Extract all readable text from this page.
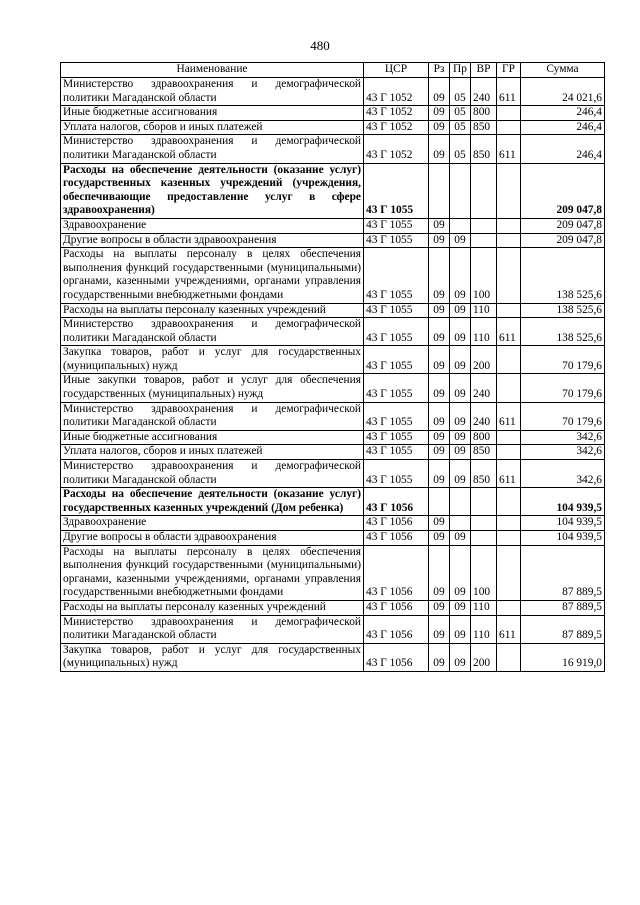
480
Наименование	ЦСР	Рз	Пр	ВР	ГР	Сумма
Министерство здравоохранения и демографической политики Магаданской области	43 Г 1052	09	05	240	611	24 021,6
Иные бюджетные ассигнования	43 Г 1052	09	05	800		246,4
Уплата налогов, сборов и иных платежей	43 Г 1052	09	05	850		246,4
Министерство здравоохранения и демографической политики Магаданской области	43 Г 1052	09	05	850	611	246,4
Расходы на обеспечение деятельности (оказание услуг) государственных казенных учреждений (учреждения, обеспечивающие предоставление услуг в сфере здравоохранения)	43 Г 1055					209 047,8
Здравоохранение	43 Г 1055	09				209 047,8
Другие вопросы в области здравоохранения	43 Г 1055	09	09			209 047,8
Расходы на выплаты персоналу в целях обеспечения выполнения функций государственными (муниципальными) органами, казенными учреждениями, органами управления государственными внебюджетными фондами	43 Г 1055	09	09	100		138 525,6
Расходы на выплаты персоналу казенных учреждений	43 Г 1055	09	09	110		138 525,6
Министерство здравоохранения и демографической политики Магаданской области	43 Г 1055	09	09	110	611	138 525,6
Закупка товаров, работ и услуг для государственных (муниципальных) нужд	43 Г 1055	09	09	200		70 179,6
Иные закупки товаров, работ и услуг для обеспечения государственных (муниципальных) нужд	43 Г 1055	09	09	240		70 179,6
Министерство здравоохранения и демографической политики Магаданской области	43 Г 1055	09	09	240	611	70 179,6
Иные бюджетные ассигнования	43 Г 1055	09	09	800		342,6
Уплата налогов, сборов и иных платежей	43 Г 1055	09	09	850		342,6
Министерство здравоохранения и демографической политики Магаданской области	43 Г 1055	09	09	850	611	342,6
Расходы на обеспечение деятельности (оказание услуг) государственных казенных учреждений (Дом ребенка)	43 Г 1056					104 939,5
Здравоохранение	43 Г 1056	09				104 939,5
Другие вопросы в области здравоохранения	43 Г 1056	09	09			104 939,5
Расходы на выплаты персоналу в целях обеспечения выполнения функций государственными (муниципальными) органами, казенными учреждениями, органами управления государственными внебюджетными фондами	43 Г 1056	09	09	100		87 889,5
Расходы на выплаты персоналу казенных учреждений	43 Г 1056	09	09	110		87 889,5
Министерство здравоохранения и демографической политики Магаданской области	43 Г 1056	09	09	110	611	87 889,5
Закупка товаров, работ и услуг для государственных (муниципальных) нужд	43 Г 1056	09	09	200		16 919,0
